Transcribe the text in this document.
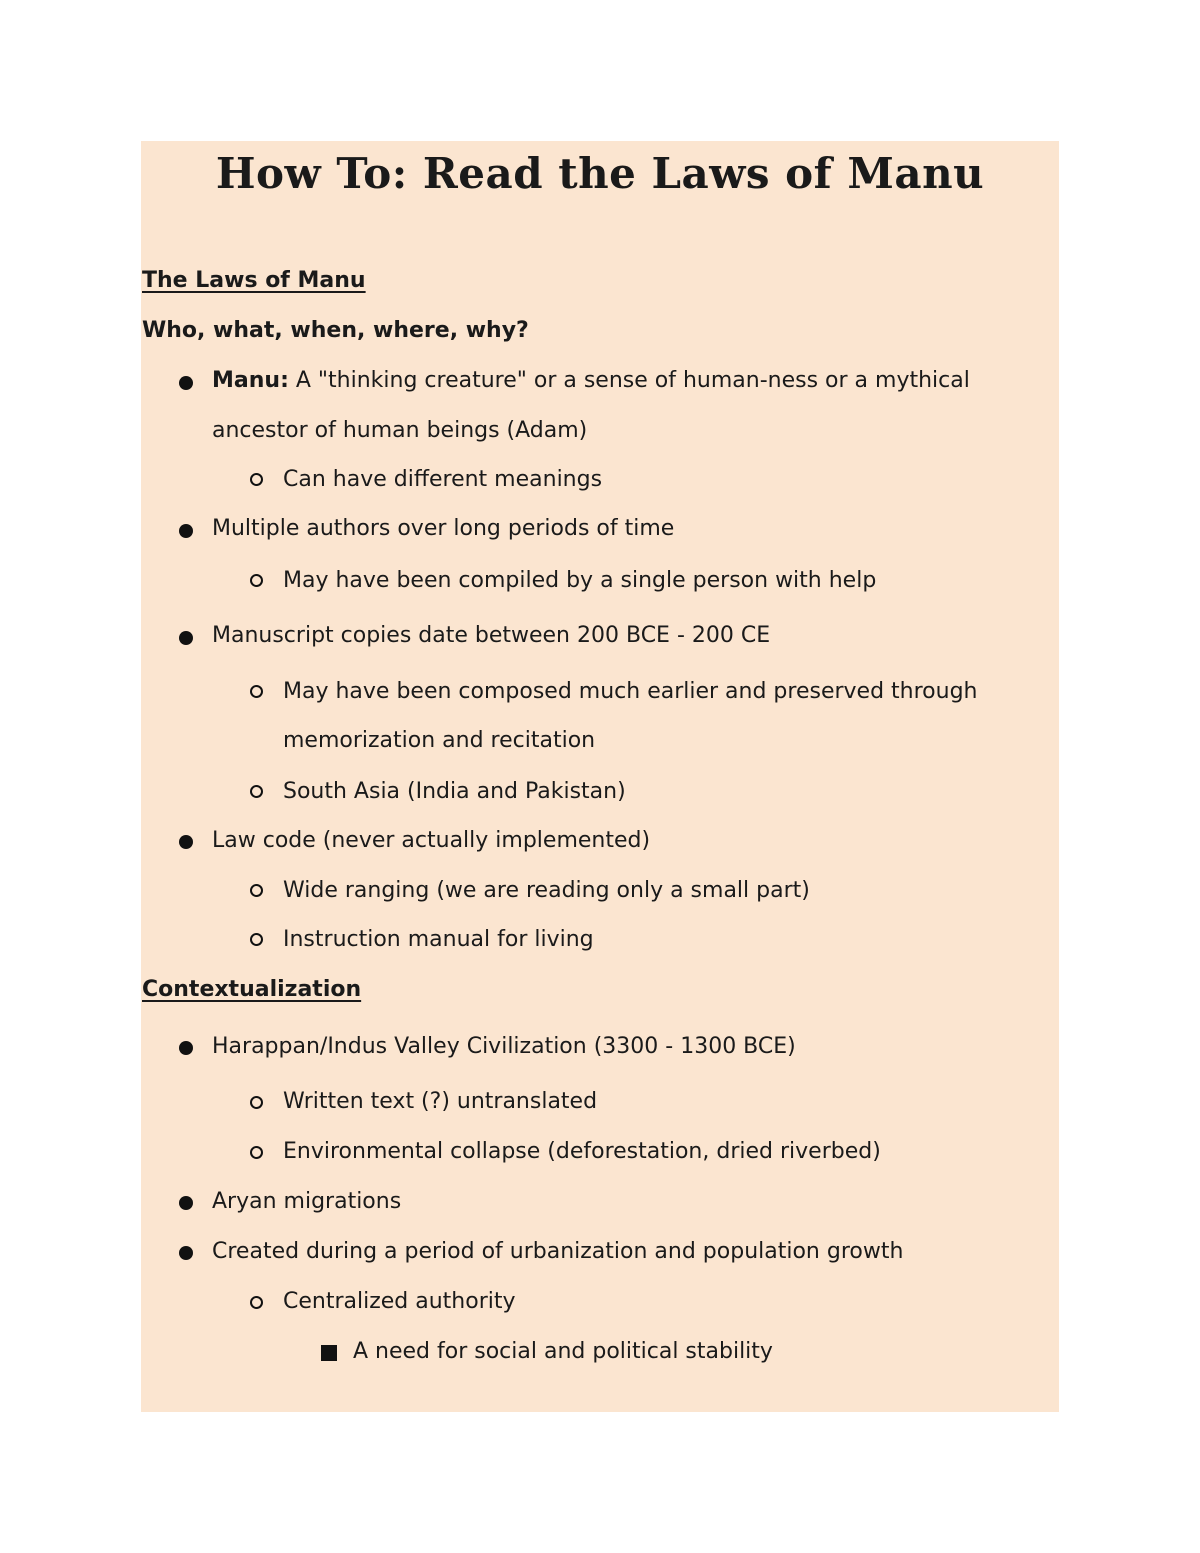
How To: Read the Laws of Manu
The Laws of Manu
Who, what, when, where, why?
Manu: A "thinking creature" or a sense of human-ness or a mythical
ancestor of human beings (Adam)
Can have different meanings
Multiple authors over long periods of time
May have been compiled by a single person with help
Manuscript copies date between 200 BCE - 200 CE
May have been composed much earlier and preserved through
memorization and recitation
South Asia (India and Pakistan)
Law code (never actually implemented)
Wide ranging (we are reading only a small part)
Instruction manual for living
Contextualization
Harappan/Indus Valley Civilization (3300 - 1300 BCE)
Written text (?) untranslated
Environmental collapse (deforestation, dried riverbed)
Aryan migrations
Created during a period of urbanization and population growth
Centralized authority
A need for social and political stability
